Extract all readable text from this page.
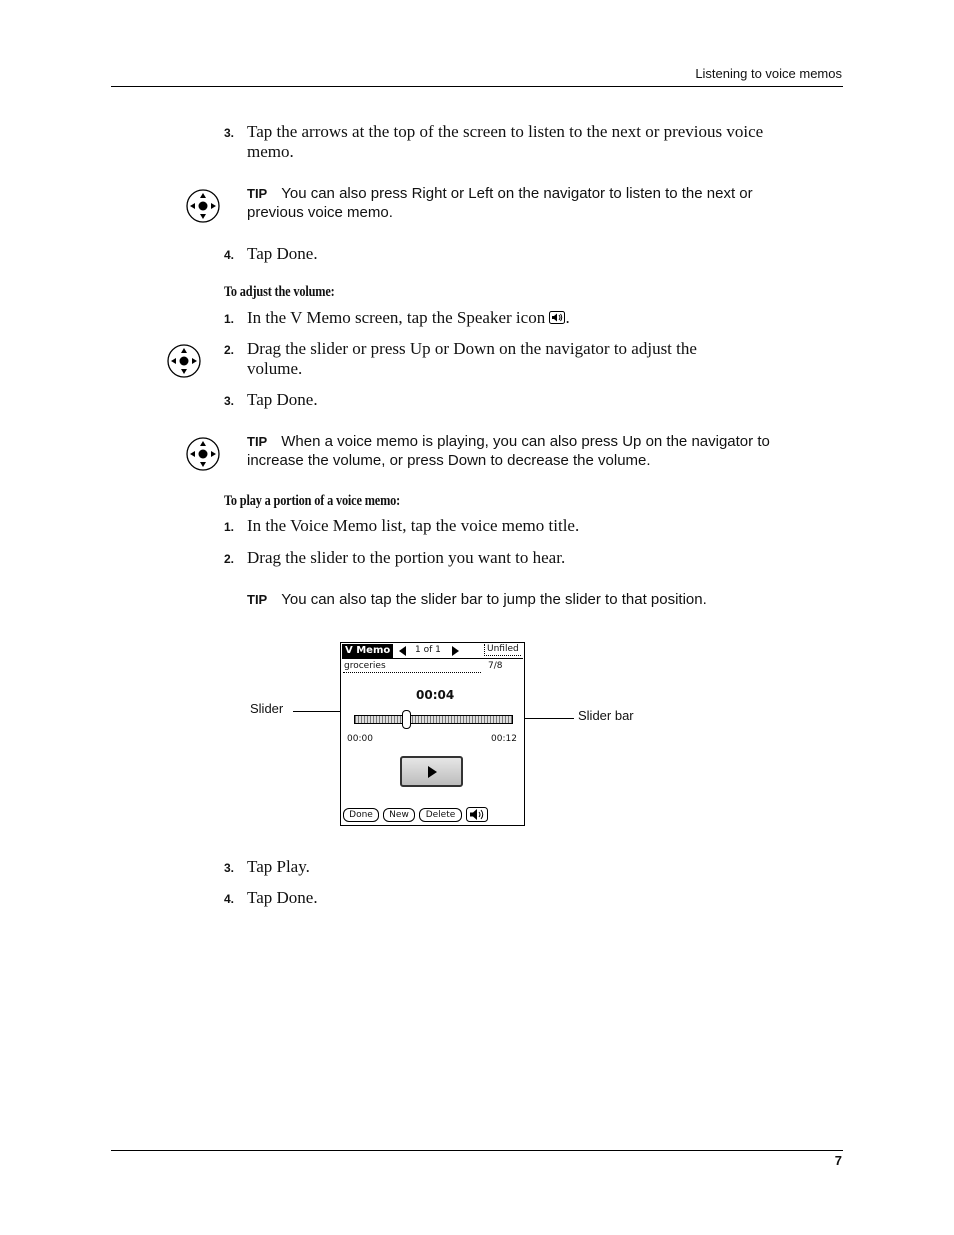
Listening to voice memos
3. Tap the arrows at the top of the screen to listen to the next or previous voice
memo.
TIP You can also press Right or Left on the navigator to listen to the next or
previous voice memo.
4. Tap Done.
To adjust the volume:
1. In the V Memo screen, tap the Speaker icon .
2. Drag the slider or press Up or Down on the navigator to adjust the
volume.
3. Tap Done.
TIP When a voice memo is playing, you can also press Up on the navigator to
increase the volume, or press Down to decrease the volume.
To play a portion of a voice memo:
1. In the Voice Memo list, tap the voice memo title.
2. Drag the slider to the portion you want to hear.
TIP You can also tap the slider bar to jump the slider to that position.
Slider	Slider bar
V Memo	1 of 1	Unfiled
groceries	7/8
00:04
00:00	00:12
Done	New	Delete
3. Tap Play.
4. Tap Done.
7
